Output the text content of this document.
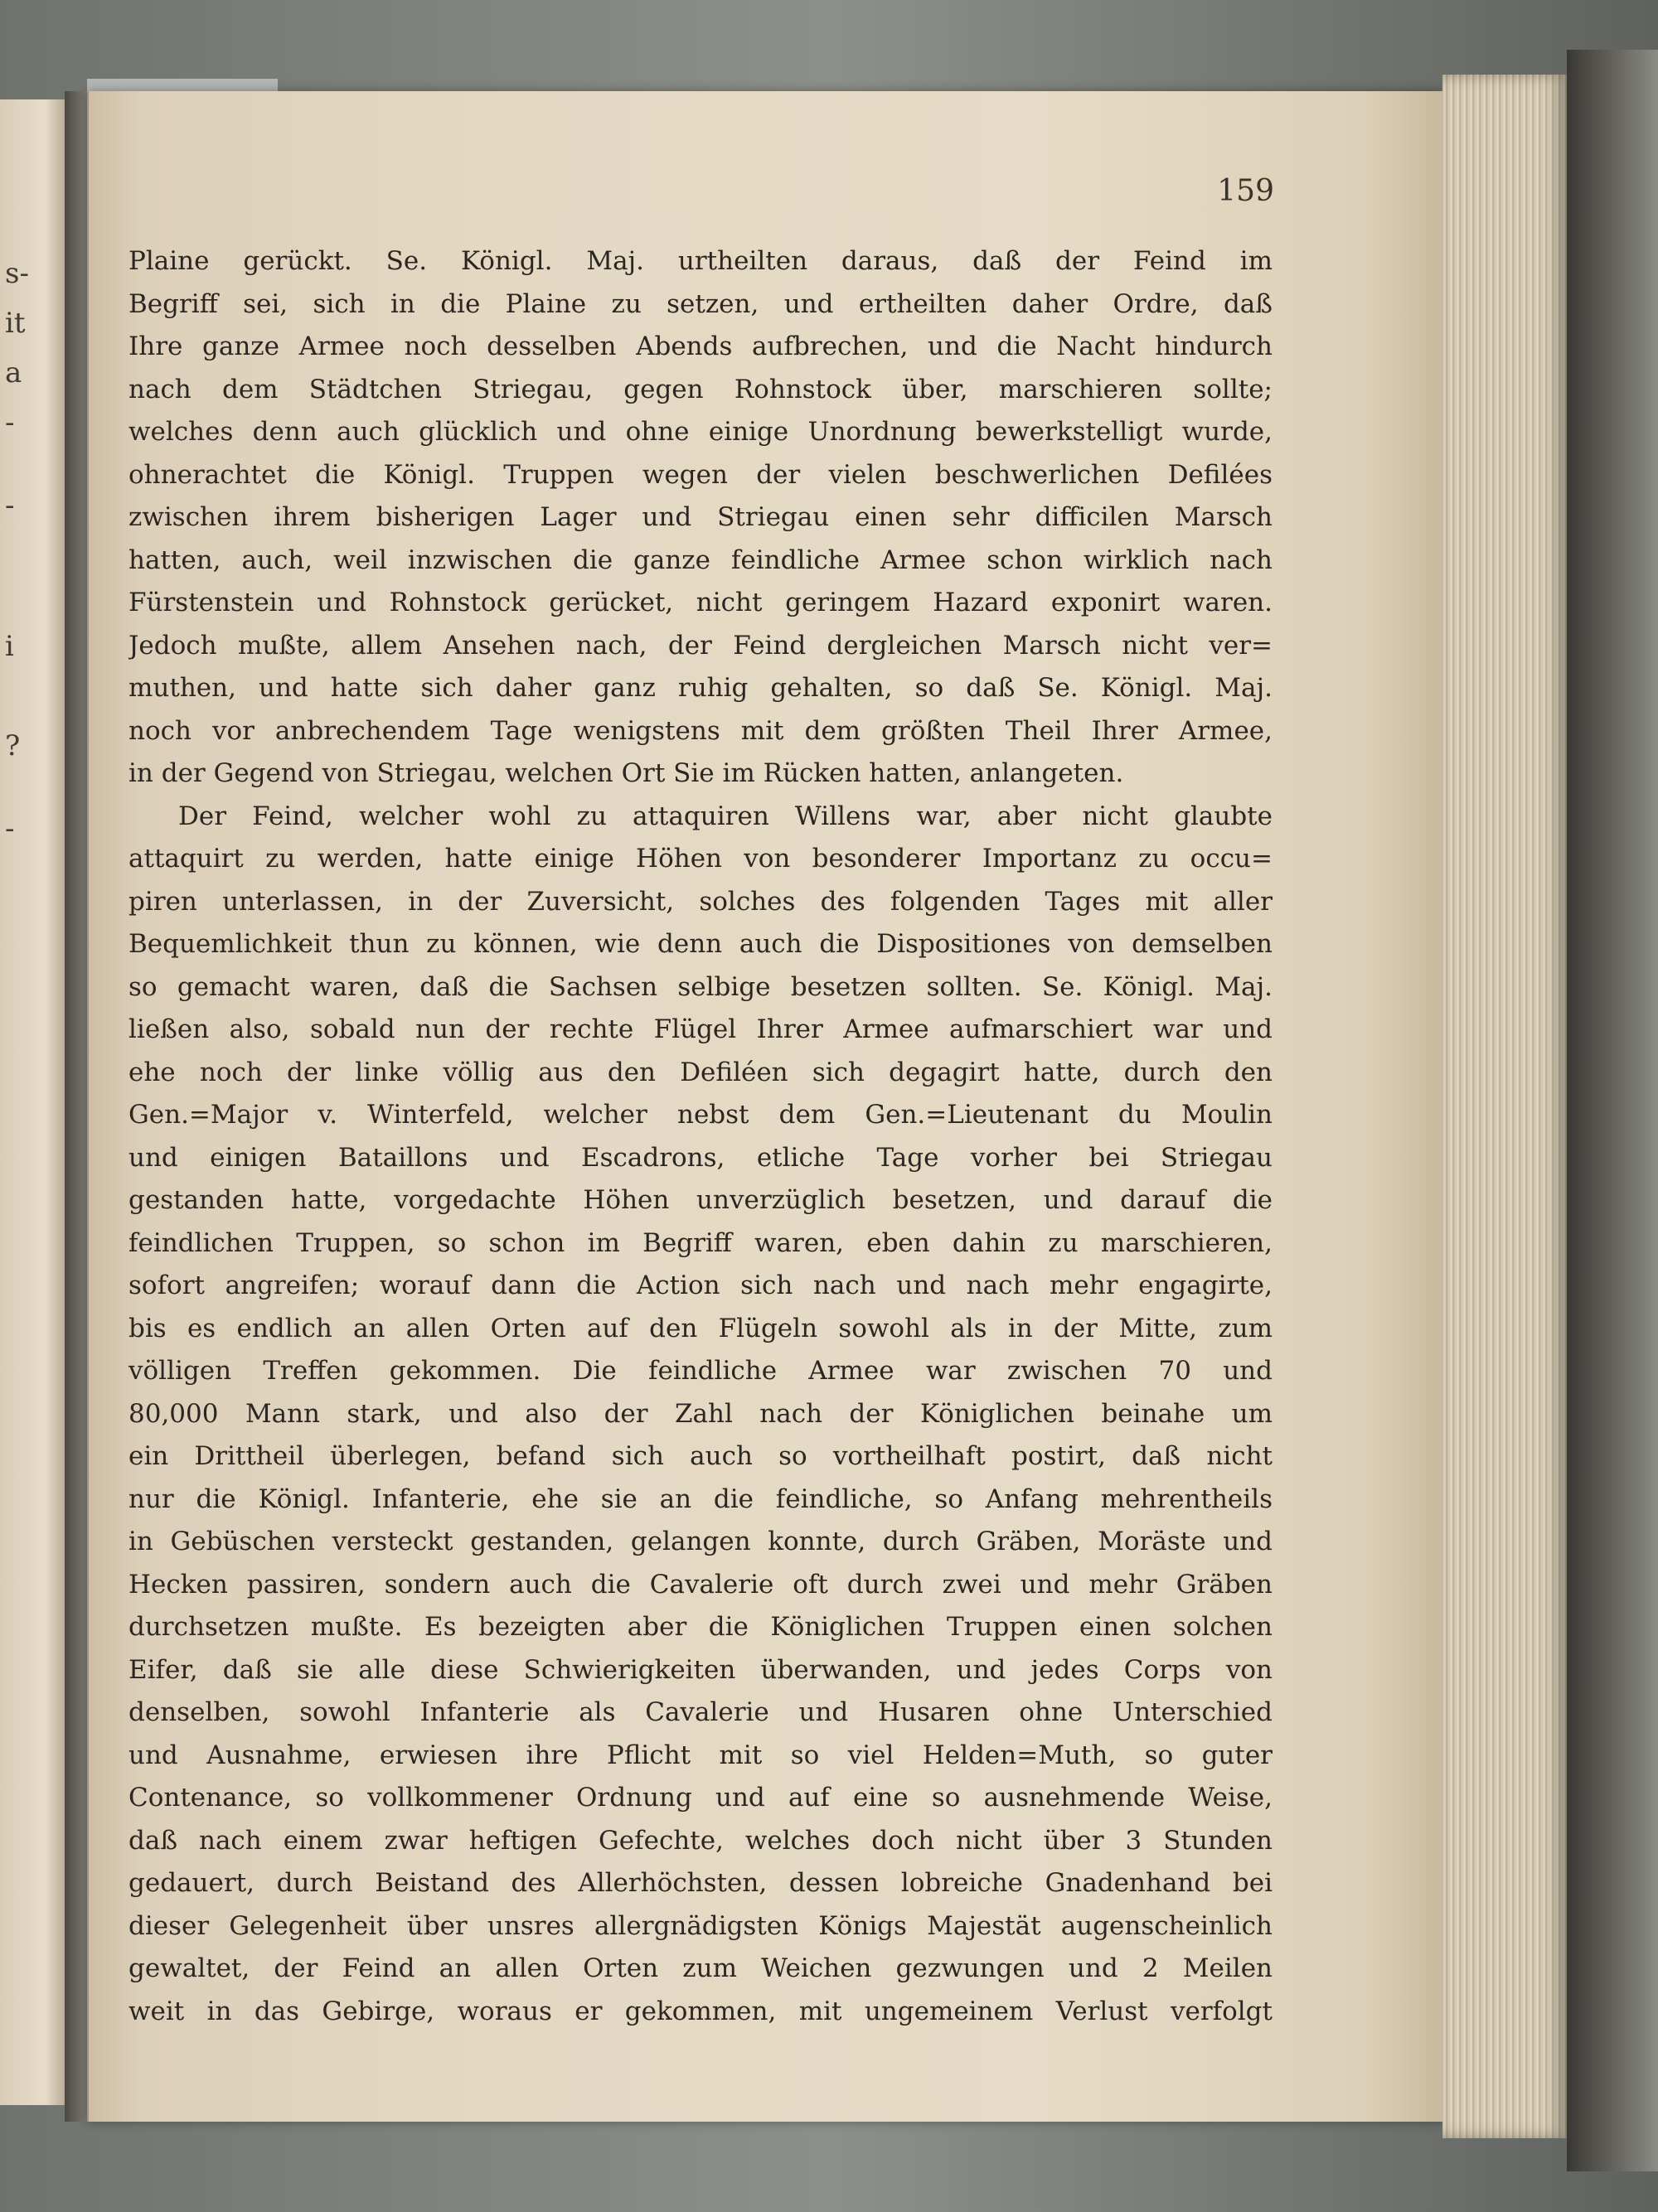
s-
it
a
-
-
i
?
-
159
Plaine gerückt. Se. Königl. Maj. urtheilten daraus, daß der Feind im
Begriff sei, sich in die Plaine zu setzen, und ertheilten daher Ordre, daß
Ihre ganze Armee noch desselben Abends aufbrechen, und die Nacht hindurch
nach dem Städtchen Striegau, gegen Rohnstock über, marschieren sollte;
welches denn auch glücklich und ohne einige Unordnung bewerkstelligt wurde,
ohnerachtet die Königl. Truppen wegen der vielen beschwerlichen Defilées
zwischen ihrem bisherigen Lager und Striegau einen sehr difficilen Marsch
hatten, auch, weil inzwischen die ganze feindliche Armee schon wirklich nach
Fürstenstein und Rohnstock gerücket, nicht geringem Hazard exponirt waren.
Jedoch mußte, allem Ansehen nach, der Feind dergleichen Marsch nicht ver=
muthen, und hatte sich daher ganz ruhig gehalten, so daß Se. Königl. Maj.
noch vor anbrechendem Tage wenigstens mit dem größten Theil Ihrer Armee,
in der Gegend von Striegau, welchen Ort Sie im Rücken hatten, anlangeten.
Der Feind, welcher wohl zu attaquiren Willens war, aber nicht glaubte
attaquirt zu werden, hatte einige Höhen von besonderer Importanz zu occu=
piren unterlassen, in der Zuversicht, solches des folgenden Tages mit aller
Bequemlichkeit thun zu können, wie denn auch die Dispositiones von demselben
so gemacht waren, daß die Sachsen selbige besetzen sollten. Se. Königl. Maj.
ließen also, sobald nun der rechte Flügel Ihrer Armee aufmarschiert war und
ehe noch der linke völlig aus den Defiléen sich degagirt hatte, durch den
Gen.=Major v. Winterfeld, welcher nebst dem Gen.=Lieutenant du Moulin
und einigen Bataillons und Escadrons, etliche Tage vorher bei Striegau
gestanden hatte, vorgedachte Höhen unverzüglich besetzen, und darauf die
feindlichen Truppen, so schon im Begriff waren, eben dahin zu marschieren,
sofort angreifen; worauf dann die Action sich nach und nach mehr engagirte,
bis es endlich an allen Orten auf den Flügeln sowohl als in der Mitte, zum
völligen Treffen gekommen. Die feindliche Armee war zwischen 70 und
80,000 Mann stark, und also der Zahl nach der Königlichen beinahe um
ein Drittheil überlegen, befand sich auch so vortheilhaft postirt, daß nicht
nur die Königl. Infanterie, ehe sie an die feindliche, so Anfang mehrentheils
in Gebüschen versteckt gestanden, gelangen konnte, durch Gräben, Moräste und
Hecken passiren, sondern auch die Cavalerie oft durch zwei und mehr Gräben
durchsetzen mußte. Es bezeigten aber die Königlichen Truppen einen solchen
Eifer, daß sie alle diese Schwierigkeiten überwanden, und jedes Corps von
denselben, sowohl Infanterie als Cavalerie und Husaren ohne Unterschied
und Ausnahme, erwiesen ihre Pflicht mit so viel Helden=Muth, so guter
Contenance, so vollkommener Ordnung und auf eine so ausnehmende Weise,
daß nach einem zwar heftigen Gefechte, welches doch nicht über 3 Stunden
gedauert, durch Beistand des Allerhöchsten, dessen lobreiche Gnadenhand bei
dieser Gelegenheit über unsres allergnädigsten Königs Majestät augenscheinlich
gewaltet, der Feind an allen Orten zum Weichen gezwungen und 2 Meilen
weit in das Gebirge, woraus er gekommen, mit ungemeinem Verlust verfolgt
